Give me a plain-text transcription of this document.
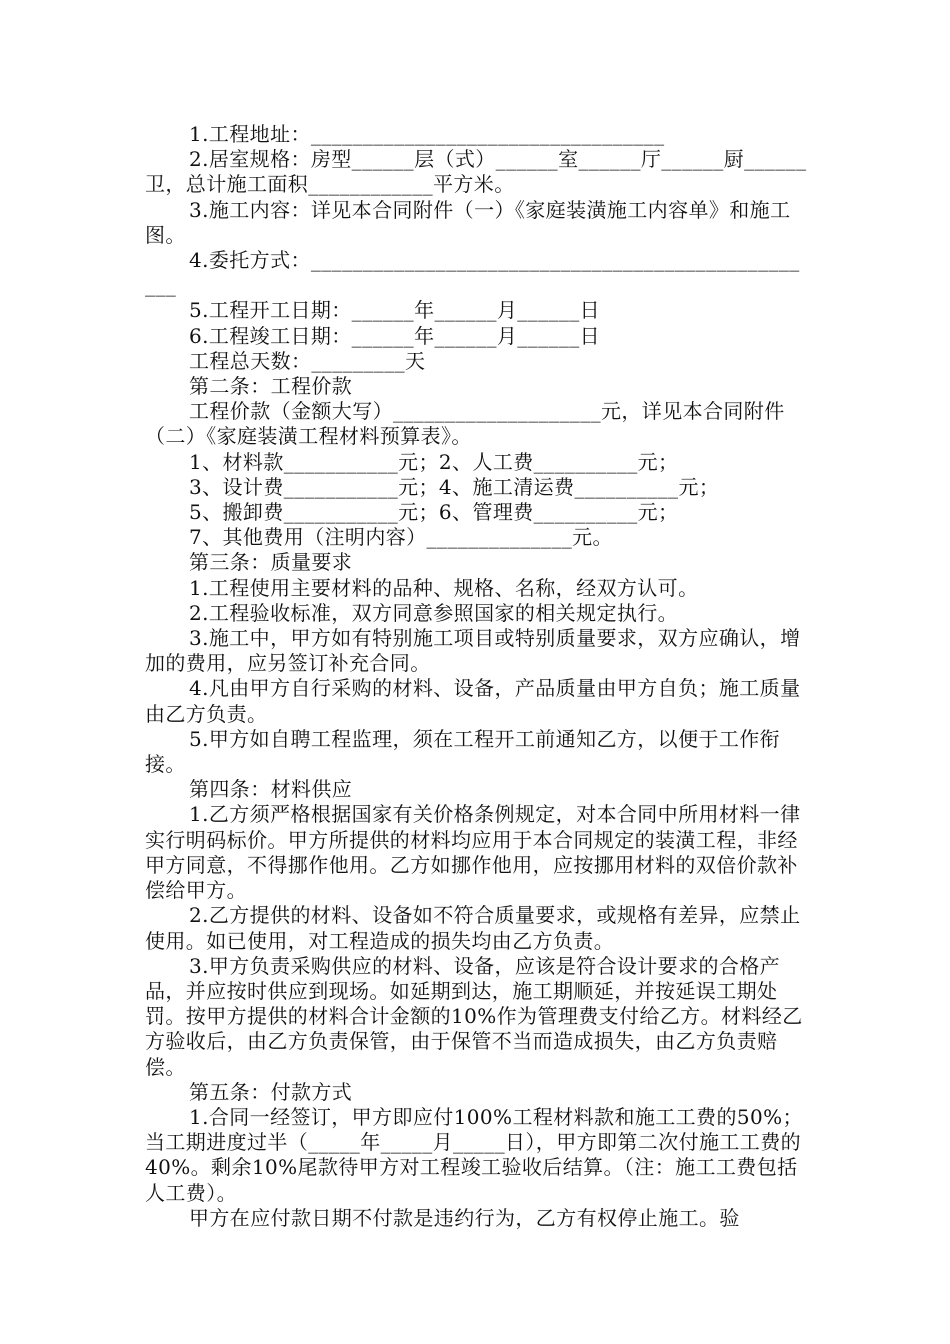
1.工程地址：__________________________________

2.居室规格：房型______层（式）______室______厅______厨______卫，总计施工面积____________平方米。

3.施工内容：详见本合同附件（一）《家庭装潢施工内容单》和施工图。

4.委托方式：__________________________________________________

5.工程开工日期：______年______月______日

6.工程竣工日期：______年______月______日

工程总天数：_________天

第二条：工程价款

工程价款（金额大写）____________________元，详见本合同附件（二）《家庭装潢工程材料预算表》。

1、材料款___________元；2、人工费__________元；

3、设计费___________元；4、施工清运费__________元；

5、搬卸费___________元；6、管理费__________元；

7、其他费用（注明内容）______________元。

第三条：质量要求

1.工程使用主要材料的品种、规格、名称，经双方认可。

2.工程验收标准，双方同意参照国家的相关规定执行。

3.施工中，甲方如有特别施工项目或特别质量要求，双方应确认，增加的费用，应另签订补充合同。

4.凡由甲方自行采购的材料、设备，产品质量由甲方自负；施工质量由乙方负责。

5.甲方如自聘工程监理，须在工程开工前通知乙方，以便于工作衔接。

第四条：材料供应

1.乙方须严格根据国家有关价格条例规定，对本合同中所用材料一律实行明码标价。甲方所提供的材料均应用于本合同规定的装潢工程，非经甲方同意，不得挪作他用。乙方如挪作他用，应按挪用材料的双倍价款补偿给甲方。

2.乙方提供的材料、设备如不符合质量要求，或规格有差异，应禁止使用。如已使用，对工程造成的损失均由乙方负责。

3.甲方负责采购供应的材料、设备，应该是符合设计要求的合格产品，并应按时供应到现场。如延期到达，施工期顺延，并按延误工期处罚。按甲方提供的材料合计金额的10%作为管理费支付给乙方。材料经乙方验收后，由乙方负责保管，由于保管不当而造成损失，由乙方负责赔偿。

第五条：付款方式

1.合同一经签订，甲方即应付100%工程材料款和施工工费的50%；当工期进度过半（_____年_____月_____日），甲方即第二次付施工工费的40%。剩余10%尾款待甲方对工程竣工验收后结算。（注：施工工费包括人工费）。

甲方在应付款日期不付款是违约行为，乙方有权停止施工。验
